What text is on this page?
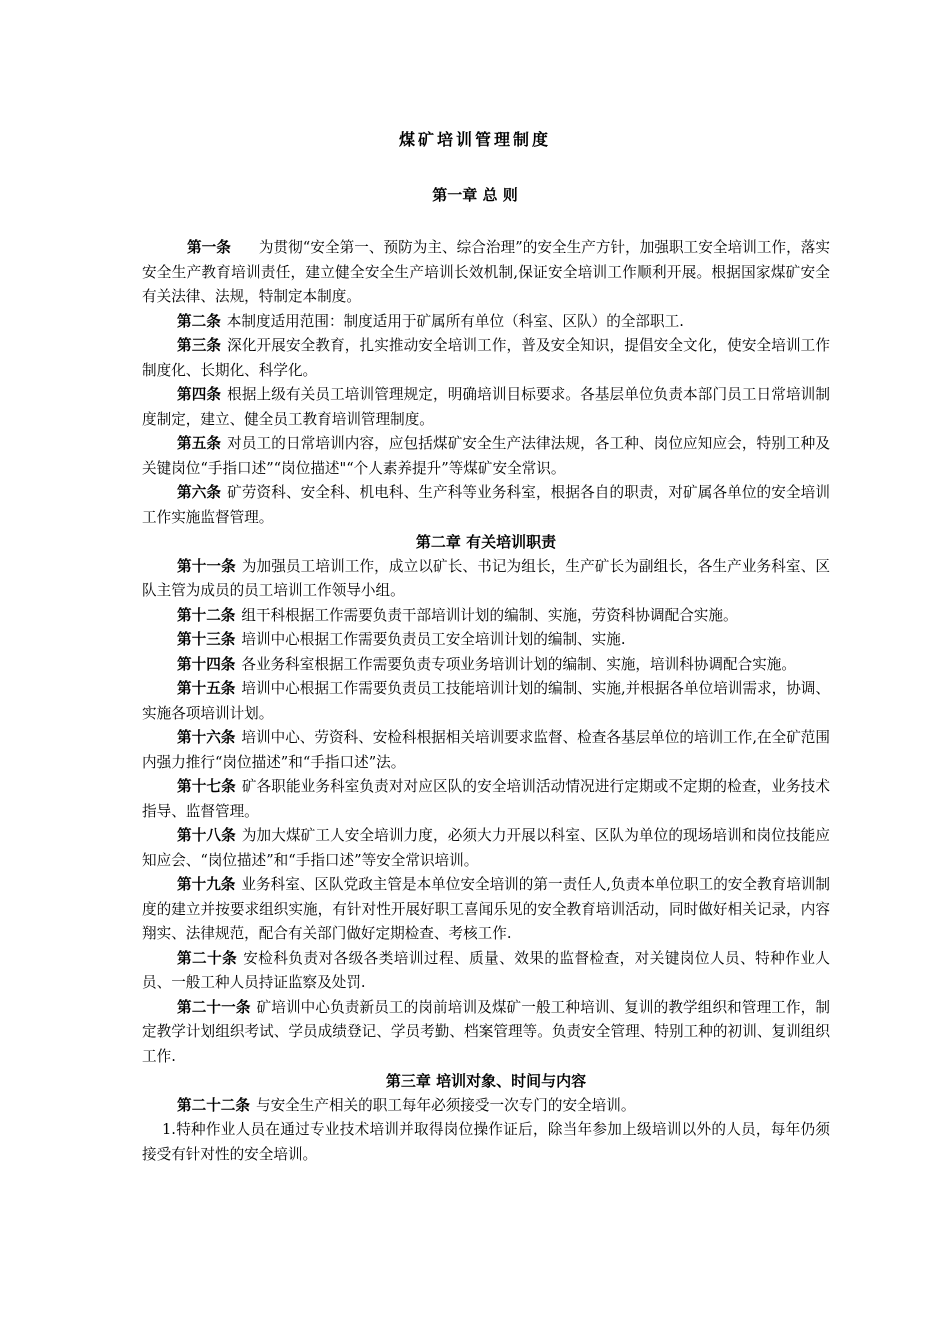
煤矿培训管理制度
第一章 总 则

第一条 为贯彻“安全第一、预防为主、综合治理”的安全生产方针，加强职工安全培训工作，落实安全生产教育培训责任，建立健全安全生产培训长效机制,保证安全培训工作顺利开展。根据国家煤矿安全有关法律、法规，特制定本制度。

第二条 本制度适用范围：制度适用于矿属所有单位（科室、区队）的全部职工.

第三条 深化开展安全教育，扎实推动安全培训工作，普及安全知识，提倡安全文化，使安全培训工作制度化、长期化、科学化。

第四条 根据上级有关员工培训管理规定，明确培训目标要求。各基层单位负责本部门员工日常培训制度制定，建立、健全员工教育培训管理制度。

第五条 对员工的日常培训内容，应包括煤矿安全生产法律法规，各工种、岗位应知应会，特别工种及关键岗位“手指口述”“岗位描述"“个人素养提升”等煤矿安全常识。

第六条 矿劳资科、安全科、机电科、生产科等业务科室，根据各自的职责，对矿属各单位的安全培训工作实施监督管理。

第二章 有关培训职责

第十一条 为加强员工培训工作，成立以矿长、书记为组长，生产矿长为副组长，各生产业务科室、区队主管为成员的员工培训工作领导小组。

第十二条 组干科根据工作需要负责干部培训计划的编制、实施，劳资科协调配合实施。

第十三条 培训中心根据工作需要负责员工安全培训计划的编制、实施.

第十四条 各业务科室根据工作需要负责专项业务培训计划的编制、实施，培训科协调配合实施。

第十五条 培训中心根据工作需要负责员工技能培训计划的编制、实施,并根据各单位培训需求，协调、实施各项培训计划。

第十六条 培训中心、劳资科、安检科根据相关培训要求监督、检查各基层单位的培训工作,在全矿范围内强力推行“岗位描述”和“手指口述”法。

第十七条 矿各职能业务科室负责对对应区队的安全培训活动情况进行定期或不定期的检查，业务技术指导、监督管理。

第十八条 为加大煤矿工人安全培训力度，必须大力开展以科室、区队为单位的现场培训和岗位技能应知应会、“岗位描述”和“手指口述”等安全常识培训。

第十九条 业务科室、区队党政主管是本单位安全培训的第一责任人,负责本单位职工的安全教育培训制度的建立并按要求组织实施，有针对性开展好职工喜闻乐见的安全教育培训活动，同时做好相关记录，内容翔实、法律规范，配合有关部门做好定期检查、考核工作.

第二十条 安检科负责对各级各类培训过程、质量、效果的监督检查，对关键岗位人员、特种作业人员、一般工种人员持证监察及处罚.

第二十一条 矿培训中心负责新员工的岗前培训及煤矿一般工种培训、复训的教学组织和管理工作，制定教学计划组织考试、学员成绩登记、学员考勤、档案管理等。负责安全管理、特别工种的初训、复训组织工作.

第三章 培训对象、时间与内容

第二十二条 与安全生产相关的职工每年必须接受一次专门的安全培训。

1.特种作业人员在通过专业技术培训并取得岗位操作证后，除当年参加上级培训以外的人员，每年仍须接受有针对性的安全培训。
